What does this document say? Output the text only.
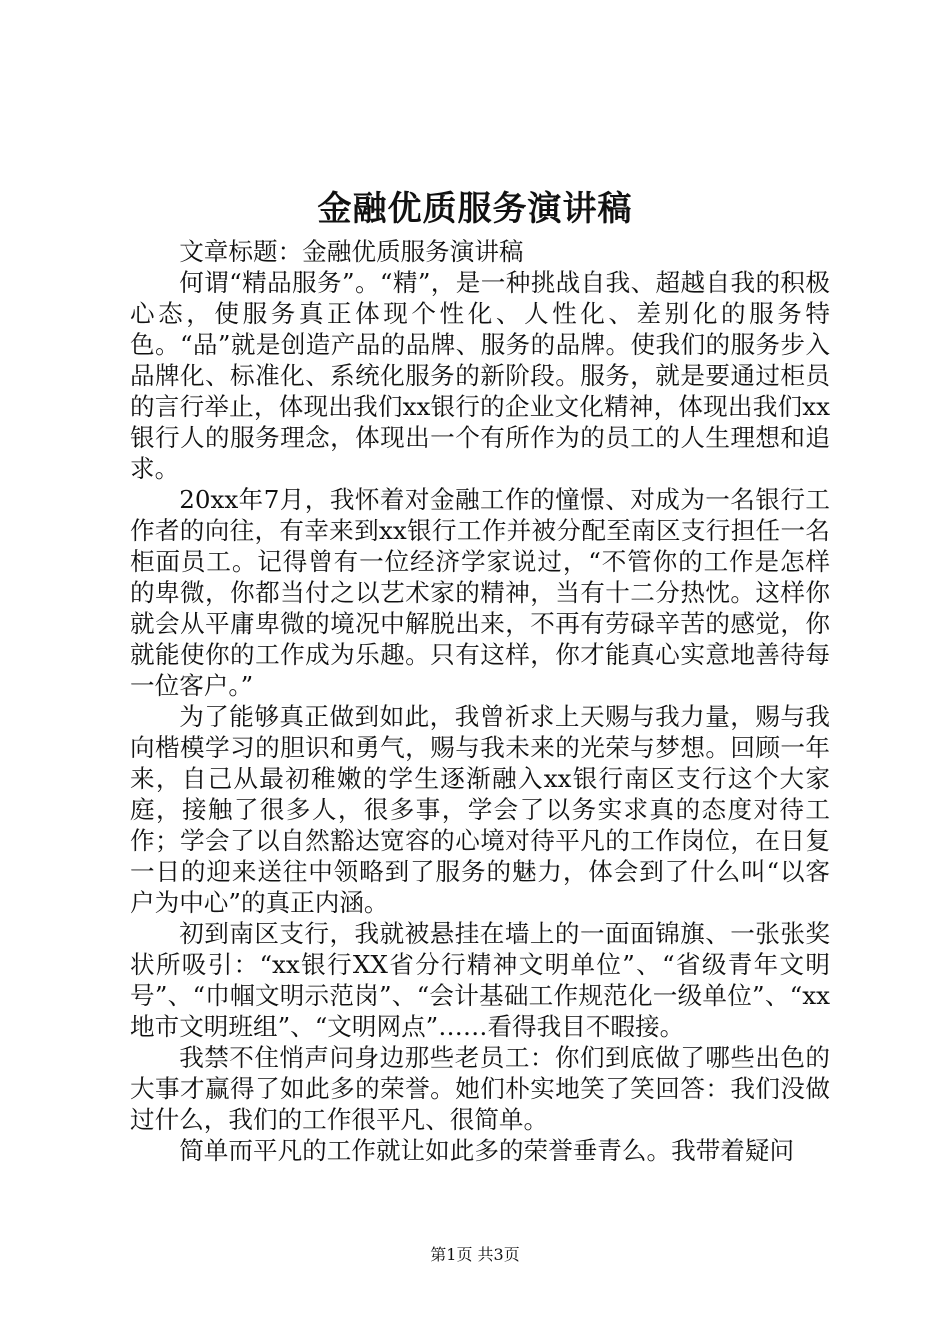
金融优质服务演讲稿

文章标题：金融优质服务演讲稿

何谓“精品服务”。“精”，是一种挑战自我、超越自我的积极心态，使服务真正体现个性化、人性化、差别化的服务特色。“品”就是创造产品的品牌、服务的品牌。使我们的服务步入品牌化、标准化、系统化服务的新阶段。服务，就是要通过柜员的言行举止，体现出我们xx银行的企业文化精神，体现出我们xx银行人的服务理念，体现出一个有所作为的员工的人生理想和追求。

20xx年7月，我怀着对金融工作的憧憬、对成为一名银行工作者的向往，有幸来到xx银行工作并被分配至南区支行担任一名柜面员工。记得曾有一位经济学家说过，“不管你的工作是怎样的卑微，你都当付之以艺术家的精神，当有十二分热忱。这样你就会从平庸卑微的境况中解脱出来，不再有劳碌辛苦的感觉，你就能使你的工作成为乐趣。只有这样，你才能真心实意地善待每一位客户。”

为了能够真正做到如此，我曾祈求上天赐与我力量，赐与我向楷模学习的胆识和勇气，赐与我未来的光荣与梦想。回顾一年来，自己从最初稚嫩的学生逐渐融入xx银行南区支行这个大家庭，接触了很多人，很多事，学会了以务实求真的态度对待工作；学会了以自然豁达宽容的心境对待平凡的工作岗位，在日复一日的迎来送往中领略到了服务的魅力，体会到了什么叫“以客户为中心”的真正内涵。

初到南区支行，我就被悬挂在墙上的一面面锦旗、一张张奖状所吸引：“xx银行XX省分行精神文明单位”、“省级青年文明号”、“巾帼文明示范岗”、“会计基础工作规范化一级单位”、“xx地市文明班组”、“文明网点”……看得我目不暇接。

我禁不住悄声问身边那些老员工：你们到底做了哪些出色的大事才赢得了如此多的荣誉。她们朴实地笑了笑回答：我们没做过什么，我们的工作很平凡、很简单。

简单而平凡的工作就让如此多的荣誉垂青么。我带着疑问

第1页 共3页
